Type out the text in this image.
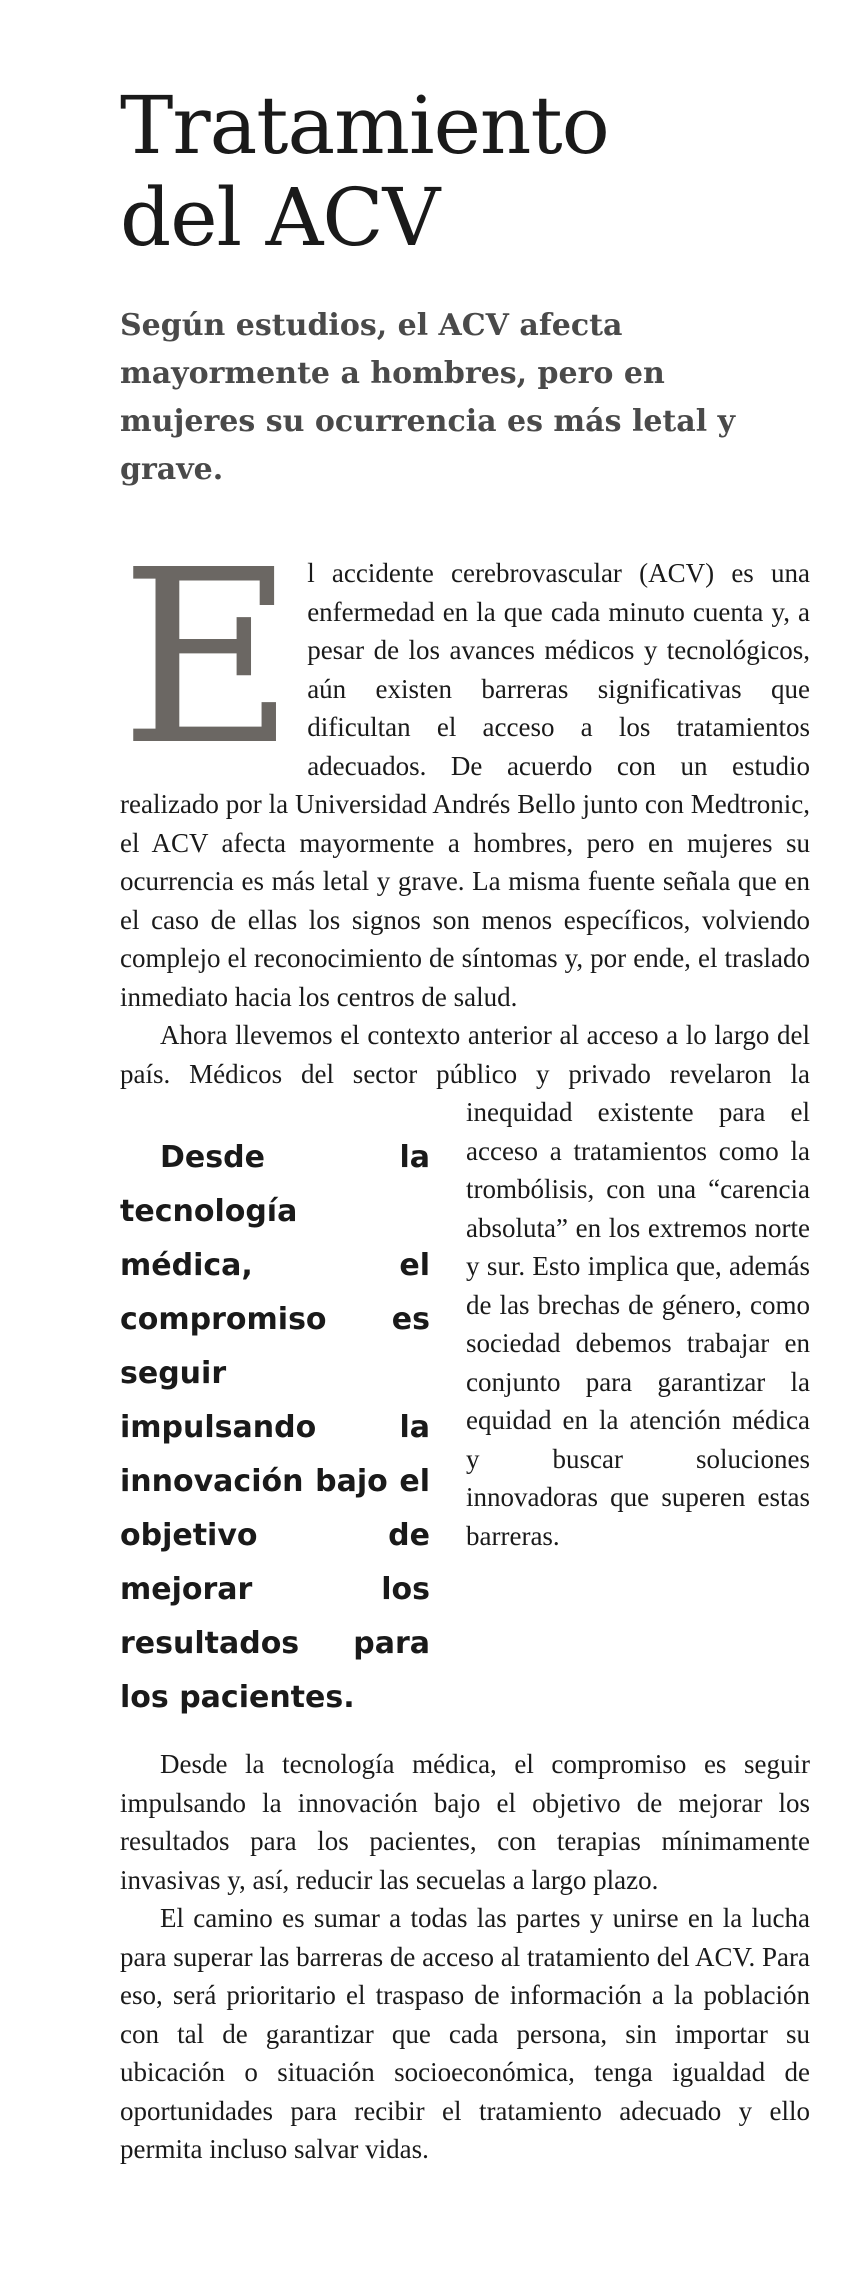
Tratamiento
del ACV
Según estudios, el ACV afecta mayormente a hombres, pero en mujeres su ocurrencia es más letal y grave.

El accidente cerebrovascular (ACV) es una enfermedad en la que cada minuto cuenta y, a pesar de los avances médicos y tecnológicos, aún existen barreras significativas que dificultan el acceso a los tratamientos adecuados. De acuerdo con un estudio realizado por la Universidad Andrés Bello junto con Medtronic, el ACV afecta mayormente a hombres, pero en mujeres su ocurrencia es más letal y grave. La misma fuente señala que en el caso de ellas los signos son menos específicos, volviendo complejo el reconocimiento de síntomas y, por ende, el traslado inmediato hacia los centros de salud.

Ahora llevemos el contexto anterior al acceso a lo largo del país. Médicos del sector público y privado
Desde la tecnología médica, el compromiso es seguir impulsando la innovación bajo el objetivo de mejorar los resultados para los pacientes.
revelaron la inequidad existente para el acceso a tratamientos como la trombólisis, con una “carencia absoluta” en los extremos norte y sur. Esto implica que, además de las brechas de género, como sociedad debemos trabajar en conjunto para garantizar la equidad en la atención médica y buscar soluciones innovadoras que superen estas barreras.

Desde la tecnología médica, el compromiso es seguir impulsando la innovación bajo el objetivo de mejorar los resultados para los pacientes, con terapias mínimamente invasivas y, así, reducir las secuelas a largo plazo.

El camino es sumar a todas las partes y unirse en la lucha para superar las barreras de acceso al tratamiento del ACV. Para eso, será prioritario el traspaso de información a la población con tal de garantizar que cada persona, sin importar su ubicación o situación socioeconómica, tenga igualdad de oportunidades para recibir el tratamiento adecuado y ello permita incluso salvar vidas.
